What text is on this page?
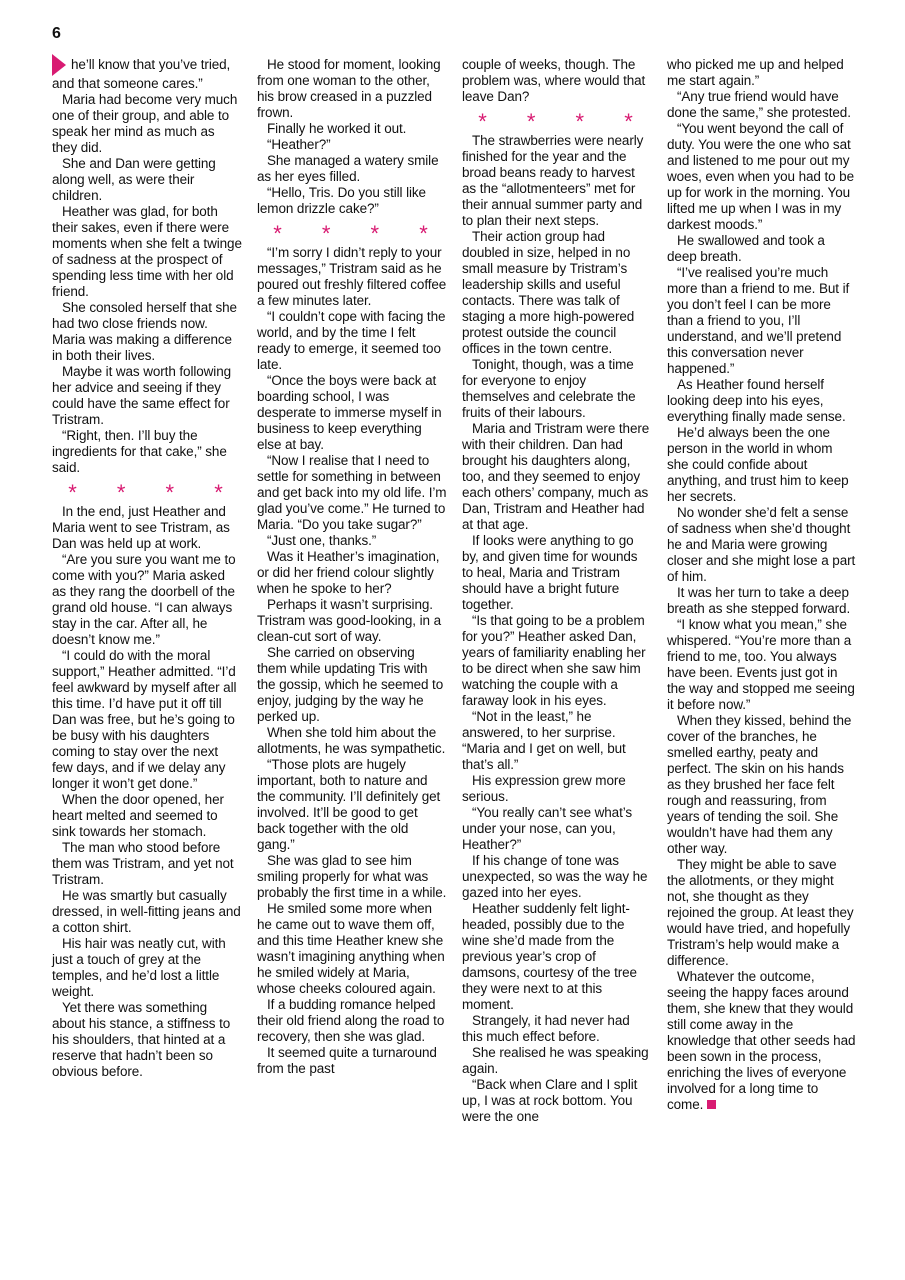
6

he’ll know that you’ve tried, and that someone cares.”

Maria had become very much one of their group, and able to speak her mind as much as they did.

She and Dan were getting along well, as were their children.

Heather was glad, for both their sakes, even if there were moments when she felt a twinge of sadness at the prospect of spending less time with her old friend.

She consoled herself that she had two close friends now. Maria was making a difference in both their lives.

Maybe it was worth following her advice and seeing if they could have the same effect for Tristram.

“Right, then. I’ll buy the ingredients for that cake,” she said.

* * * *

In the end, just Heather and Maria went to see Tristram, as Dan was held up at work.

“Are you sure you want me to come with you?” Maria asked as they rang the doorbell of the grand old house. “I can always stay in the car. After all, he doesn’t know me.”

“I could do with the moral support,” Heather admitted. “I’d feel awkward by myself after all this time. I’d have put it off till Dan was free, but he’s going to be busy with his daughters coming to stay over the next few days, and if we delay any longer it won’t get done.”

When the door opened, her heart melted and seemed to sink towards her stomach.

The man who stood before them was Tristram, and yet not Tristram.

He was smartly but casually dressed, in well-fitting jeans and a cotton shirt.

His hair was neatly cut, with just a touch of grey at the temples, and he’d lost a little weight.

Yet there was something about his stance, a stiffness to his shoulders, that hinted at a reserve that hadn’t been so obvious before.

He stood for moment, looking from one woman to the other, his brow creased in a puzzled frown.

Finally he worked it out.

“Heather?”

She managed a watery smile as her eyes filled.

“Hello, Tris. Do you still like lemon drizzle cake?”

* * * *

“I’m sorry I didn’t reply to your messages,” Tristram said as he poured out freshly filtered coffee a few minutes later.

“I couldn’t cope with facing the world, and by the time I felt ready to emerge, it seemed too late.

“Once the boys were back at boarding school, I was desperate to immerse myself in business to keep everything else at bay.

“Now I realise that I need to settle for something in between and get back into my old life. I’m glad you’ve come.” He turned to Maria. “Do you take sugar?”

“Just one, thanks.”

Was it Heather’s imagination, or did her friend colour slightly when he spoke to her?

Perhaps it wasn’t surprising. Tristram was good-looking, in a clean-cut sort of way.

She carried on observing them while updating Tris with the gossip, which he seemed to enjoy, judging by the way he perked up.

When she told him about the allotments, he was sympathetic.

“Those plots are hugely important, both to nature and the community. I’ll definitely get involved. It’ll be good to get back together with the old gang.”

She was glad to see him smiling properly for what was probably the first time in a while.

He smiled some more when he came out to wave them off, and this time Heather knew she wasn’t imagining anything when he smiled widely at Maria, whose cheeks coloured again.

If a budding romance helped their old friend along the road to recovery, then she was glad.

It seemed quite a turnaround from the past

couple of weeks, though. The problem was, where would that leave Dan?

* * * *

The strawberries were nearly finished for the year and the broad beans ready to harvest as the “allotmenteers” met for their annual summer party and to plan their next steps.

Their action group had doubled in size, helped in no small measure by Tristram’s leadership skills and useful contacts. There was talk of staging a more high-powered protest outside the council offices in the town centre.

Tonight, though, was a time for everyone to enjoy themselves and celebrate the fruits of their labours.

Maria and Tristram were there with their children. Dan had brought his daughters along, too, and they seemed to enjoy each others’ company, much as Dan, Tristram and Heather had at that age.

If looks were anything to go by, and given time for wounds to heal, Maria and Tristram should have a bright future together.

“Is that going to be a problem for you?” Heather asked Dan, years of familiarity enabling her to be direct when she saw him watching the couple with a faraway look in his eyes.

“Not in the least,” he answered, to her surprise. “Maria and I get on well, but that’s all.”

His expression grew more serious.

“You really can’t see what’s under your nose, can you, Heather?”

If his change of tone was unexpected, so was the way he gazed into her eyes.

Heather suddenly felt light-headed, possibly due to the wine she’d made from the previous year’s crop of damsons, courtesy of the tree they were next to at this moment.

Strangely, it had never had this much effect before.

She realised he was speaking again.

“Back when Clare and I split up, I was at rock bottom. You were the one

who picked me up and helped me start again.”

“Any true friend would have done the same,” she protested.

“You went beyond the call of duty. You were the one who sat and listened to me pour out my woes, even when you had to be up for work in the morning. You lifted me up when I was in my darkest moods.”

He swallowed and took a deep breath.

“I’ve realised you’re much more than a friend to me. But if you don’t feel I can be more than a friend to you, I’ll understand, and we’ll pretend this conversation never happened.”

As Heather found herself looking deep into his eyes, everything finally made sense.

He’d always been the one person in the world in whom she could confide about anything, and trust him to keep her secrets.

No wonder she’d felt a sense of sadness when she’d thought he and Maria were growing closer and she might lose a part of him.

It was her turn to take a deep breath as she stepped forward.

“I know what you mean,” she whispered. “You’re more than a friend to me, too. You always have been. Events just got in the way and stopped me seeing it before now.”

When they kissed, behind the cover of the branches, he smelled earthy, peaty and perfect. The skin on his hands as they brushed her face felt rough and reassuring, from years of tending the soil. She wouldn’t have had them any other way.

They might be able to save the allotments, or they might not, she thought as they rejoined the group. At least they would have tried, and hopefully Tristram’s help would make a difference.

Whatever the outcome, seeing the happy faces around them, she knew that they would still come away in the knowledge that other seeds had been sown in the process, enriching the lives of everyone involved for a long time to come.
